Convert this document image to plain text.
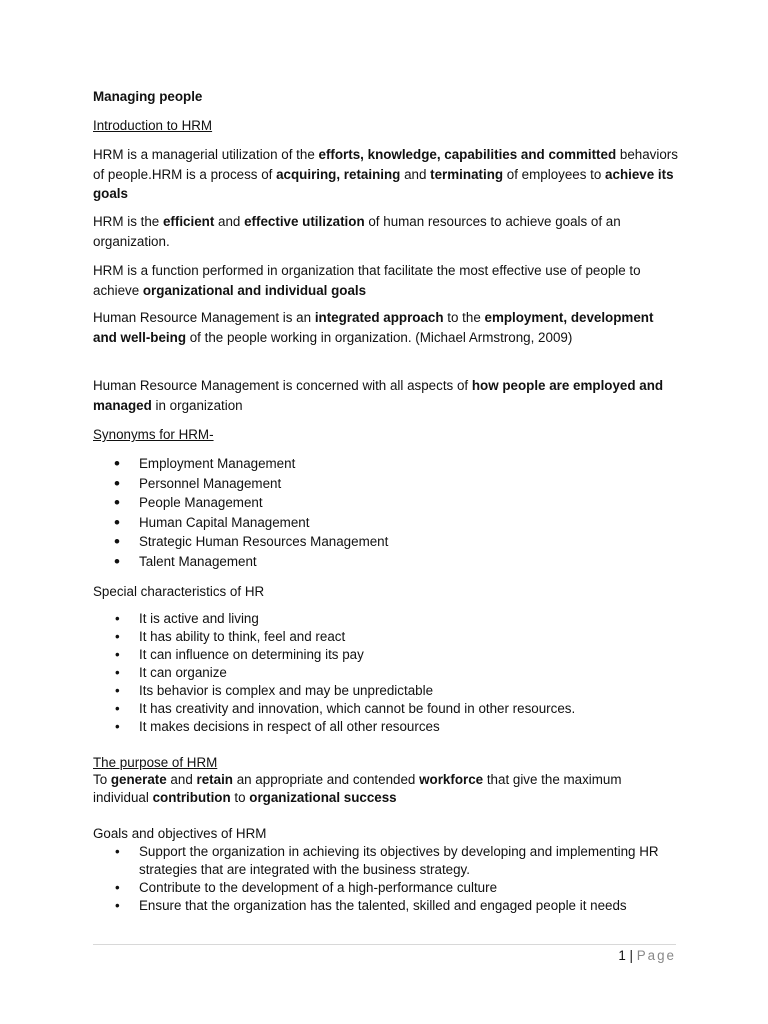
Managing people
Introduction to HRM

HRM is a managerial utilization of the efforts, knowledge, capabilities and committed behaviors of people.HRM is a process of acquiring, retaining and terminating of employees to achieve its goals

HRM is the efficient and effective utilization of human resources to achieve goals of an organization.

HRM is a function performed in organization that facilitate the most effective use of people to achieve organizational and individual goals

Human Resource Management is an integrated approach to the employment, development and well-being of the people working in organization. (Michael Armstrong, 2009)

Human Resource Management is concerned with all aspects of how people are employed and managed in organization

Synonyms for HRM-
• Employment Management
• Personnel Management
• People Management
• Human Capital Management
• Strategic Human Resources Management
• Talent Management
Special characteristics of HR
• It is active and living
• It has ability to think, feel and react
• It can influence on determining its pay
• It can organize
• Its behavior is complex and may be unpredictable
• It has creativity and innovation, which cannot be found in other resources.
• It makes decisions in respect of all other resources
The purpose of HRM

To generate and retain an appropriate and contended workforce that give the maximum individual contribution to organizational success

Goals and objectives of HRM
• Support the organization in achieving its objectives by developing and implementing HR strategies that are integrated with the business strategy.
• Contribute to the development of a high-performance culture
• Ensure that the organization has the talented, skilled and engaged people it needs
1 | Page
